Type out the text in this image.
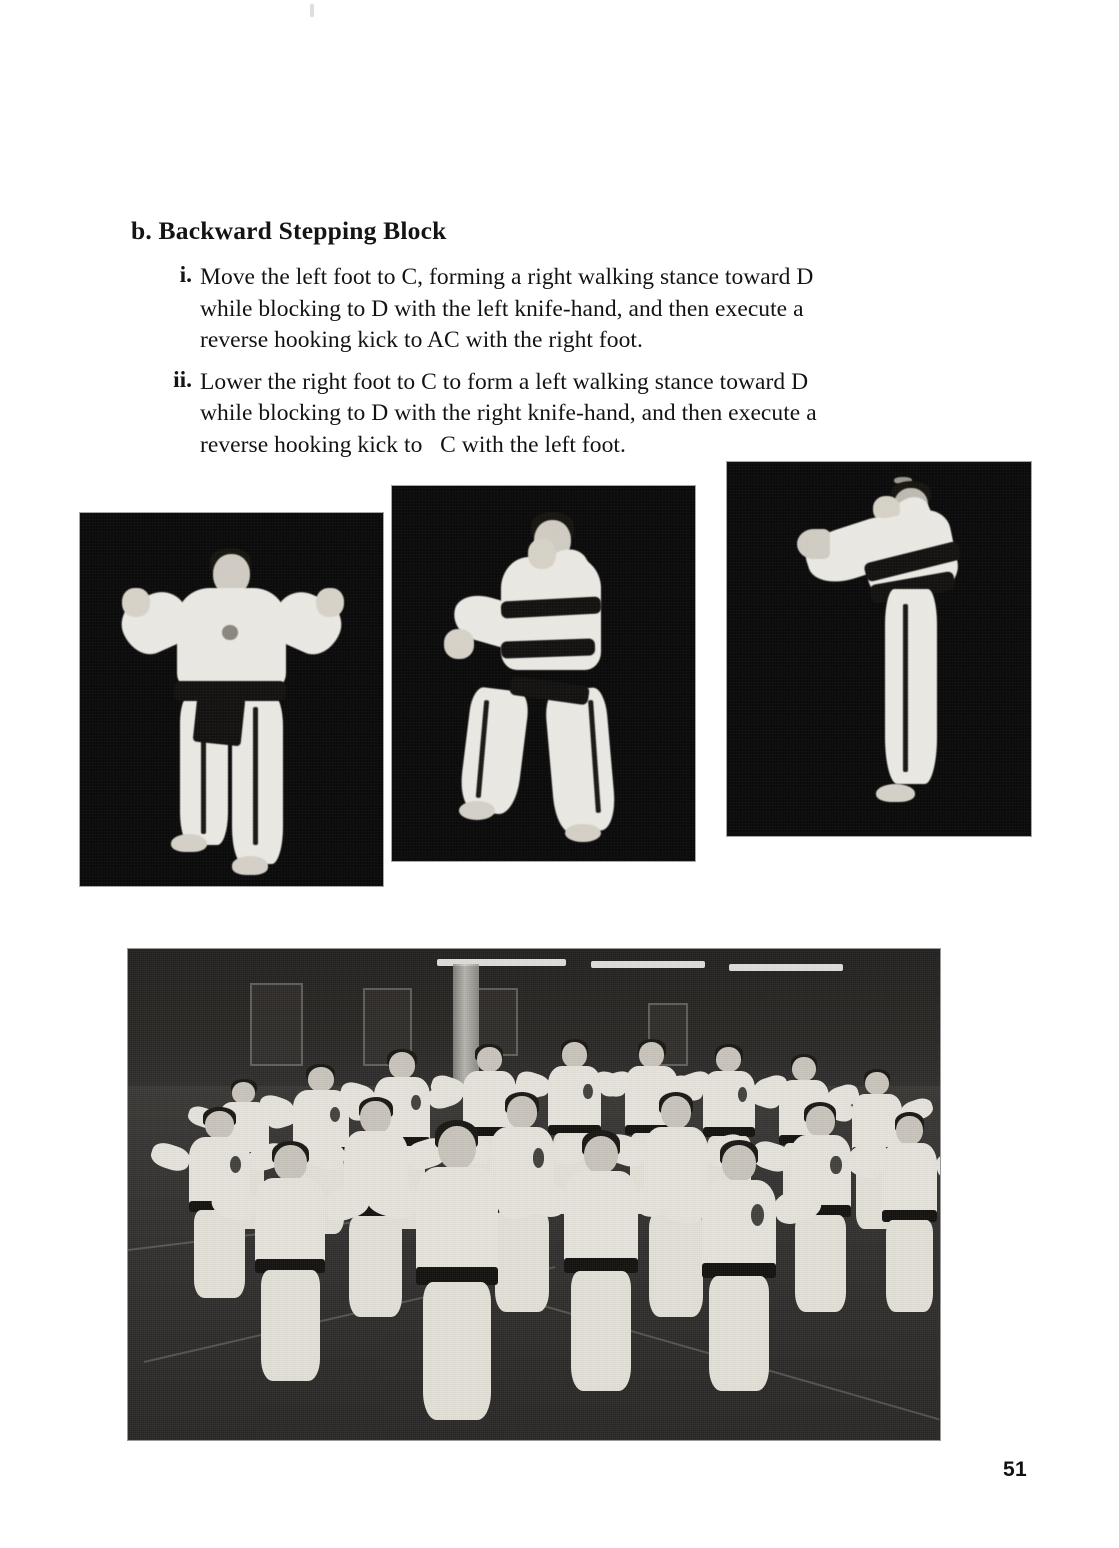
b. Backward Stepping Block
i. Move the left foot to C, forming a right walking stance toward D
while blocking to D with the left knife-hand, and then execute a
reverse hooking kick to AC with the right foot.
ii. Lower the right foot to C to form a left walking stance toward D
while blocking to D with the right knife-hand, and then execute a
reverse hooking kick to   C with the left foot.
51
